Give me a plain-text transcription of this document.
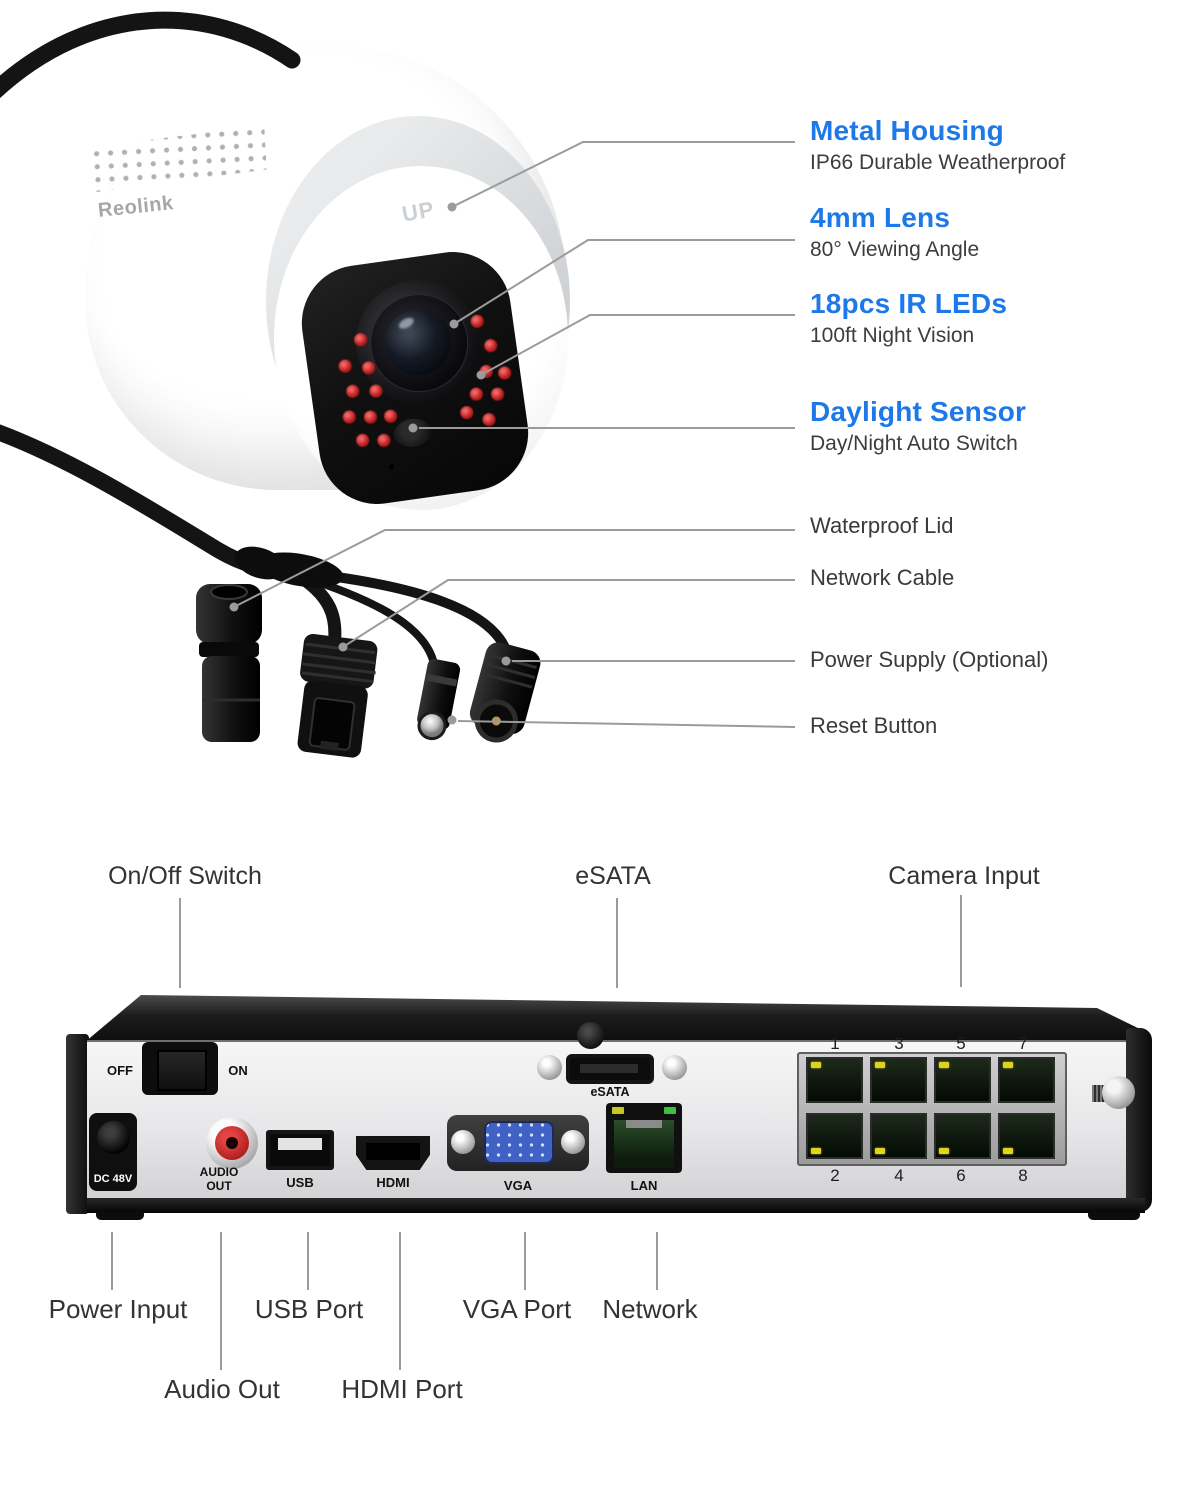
Reolink	UP
Metal Housing
IP66 Durable Weatherproof
4mm Lens
80° Viewing Angle
18pcs IR LEDs
100ft Night Vision
Daylight Sensor
Day/Night Auto Switch
Waterproof Lid
Network Cable
Power Supply (Optional)
Reset Button
On/Off Switch	eSATA	Camera Input
OFF	ON
DC 48V	AUDIO
OUT	USB	HDMI	VGA	LAN
eSATA
1	3	5	7
2	4	6	8
Power Input
Audio Out
USB Port
HDMI Port
VGA Port	Network
